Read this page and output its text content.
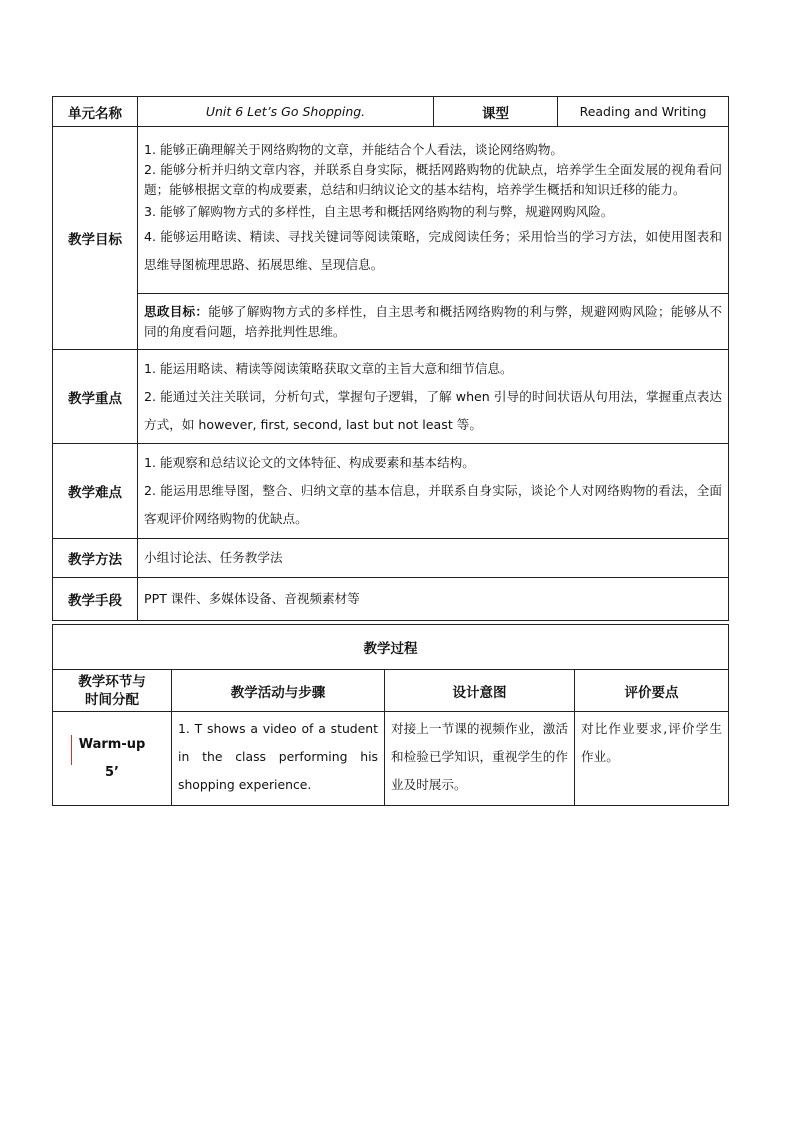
单元名称	Unit 6 Let’s Go Shopping.	课型	Reading and Writing
教学目标	1. 能够正确理解关于网络购物的文章，并能结合个人看法，谈论网络购物。

2. 能够分析并归纳文章内容，并联系自身实际，概括网路购物的优缺点，培养学生全面发展的视角看问题；能够根据文章的构成要素，总结和归纳议论文的基本结构，培养学生概括和知识迁移的能力。

3. 能够了解购物方式的多样性，自主思考和概括网络购物的利与弊，规避网购风险。

4. 能够运用略读、精读、寻找关键词等阅读策略，完成阅读任务；采用恰当的学习方法，如使用图表和思维导图梳理思路、拓展思维、呈现信息。		

	思政目标：能够了解购物方式的多样性，自主思考和概括网络购物的利与弊，规避网购风险；能够从不同的角度看问题，培养批判性思维。		
教学重点	1. 能运用略读、精读等阅读策略获取文章的主旨大意和细节信息。

2. 能通过关注关联词，分析句式，掌握句子逻辑，了解 when 引导的时间状语从句用法，掌握重点表达方式，如 however, first, second, last but not least 等。		

教学难点	1. 能观察和总结议论文的文体特征、构成要素和基本结构。

2. 能运用思维导图，整合、归纳文章的基本信息，并联系自身实际，谈论个人对网络购物的看法，全面客观评价网络购物的优缺点。		

教学方法	小组讨论法、任务教学法		
教学手段	PPT 课件、多媒体设备、音视频素材等		
教学过程			

教学环节与
时间分配	教学活动与步骤	设计意图	评价要点

Warm-up
5’	1. T shows a video of a student in the class performing his shopping experience.	对接上一节课的视频作业，激活和检验已学知识，重视学生的作业及时展示。	对比作业要求,评价学生作业。
